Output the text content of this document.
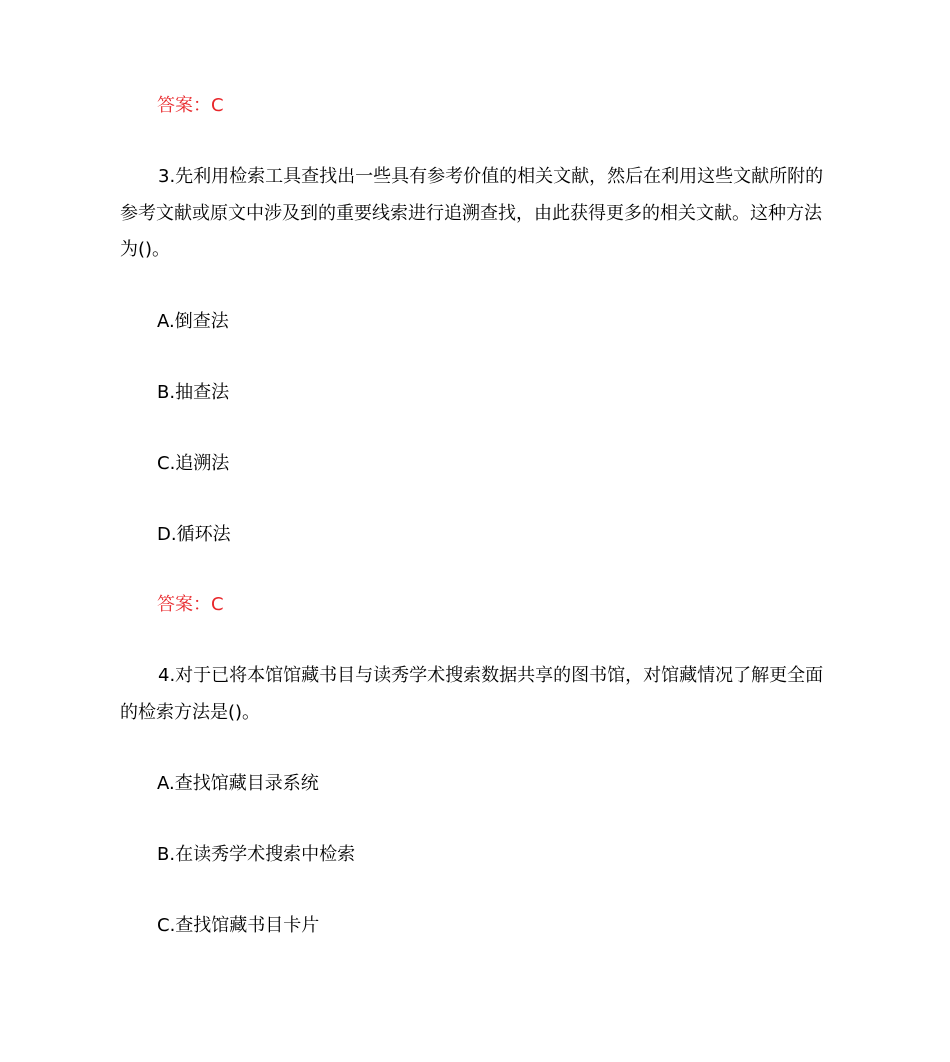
答案：C
3.先利用检索工具查找出一些具有参考价值的相关文献，然后在利用这些文献所附的
参考文献或原文中涉及到的重要线索进行追溯查找，由此获得更多的相关文献。这种方法
为()。
A.倒查法
B.抽查法
C.追溯法
D.循环法
答案：C
4.对于已将本馆馆藏书目与读秀学术搜索数据共享的图书馆，对馆藏情况了解更全面
的检索方法是()。
A.查找馆藏目录系统
B.在读秀学术搜索中检索
C.查找馆藏书目卡片
